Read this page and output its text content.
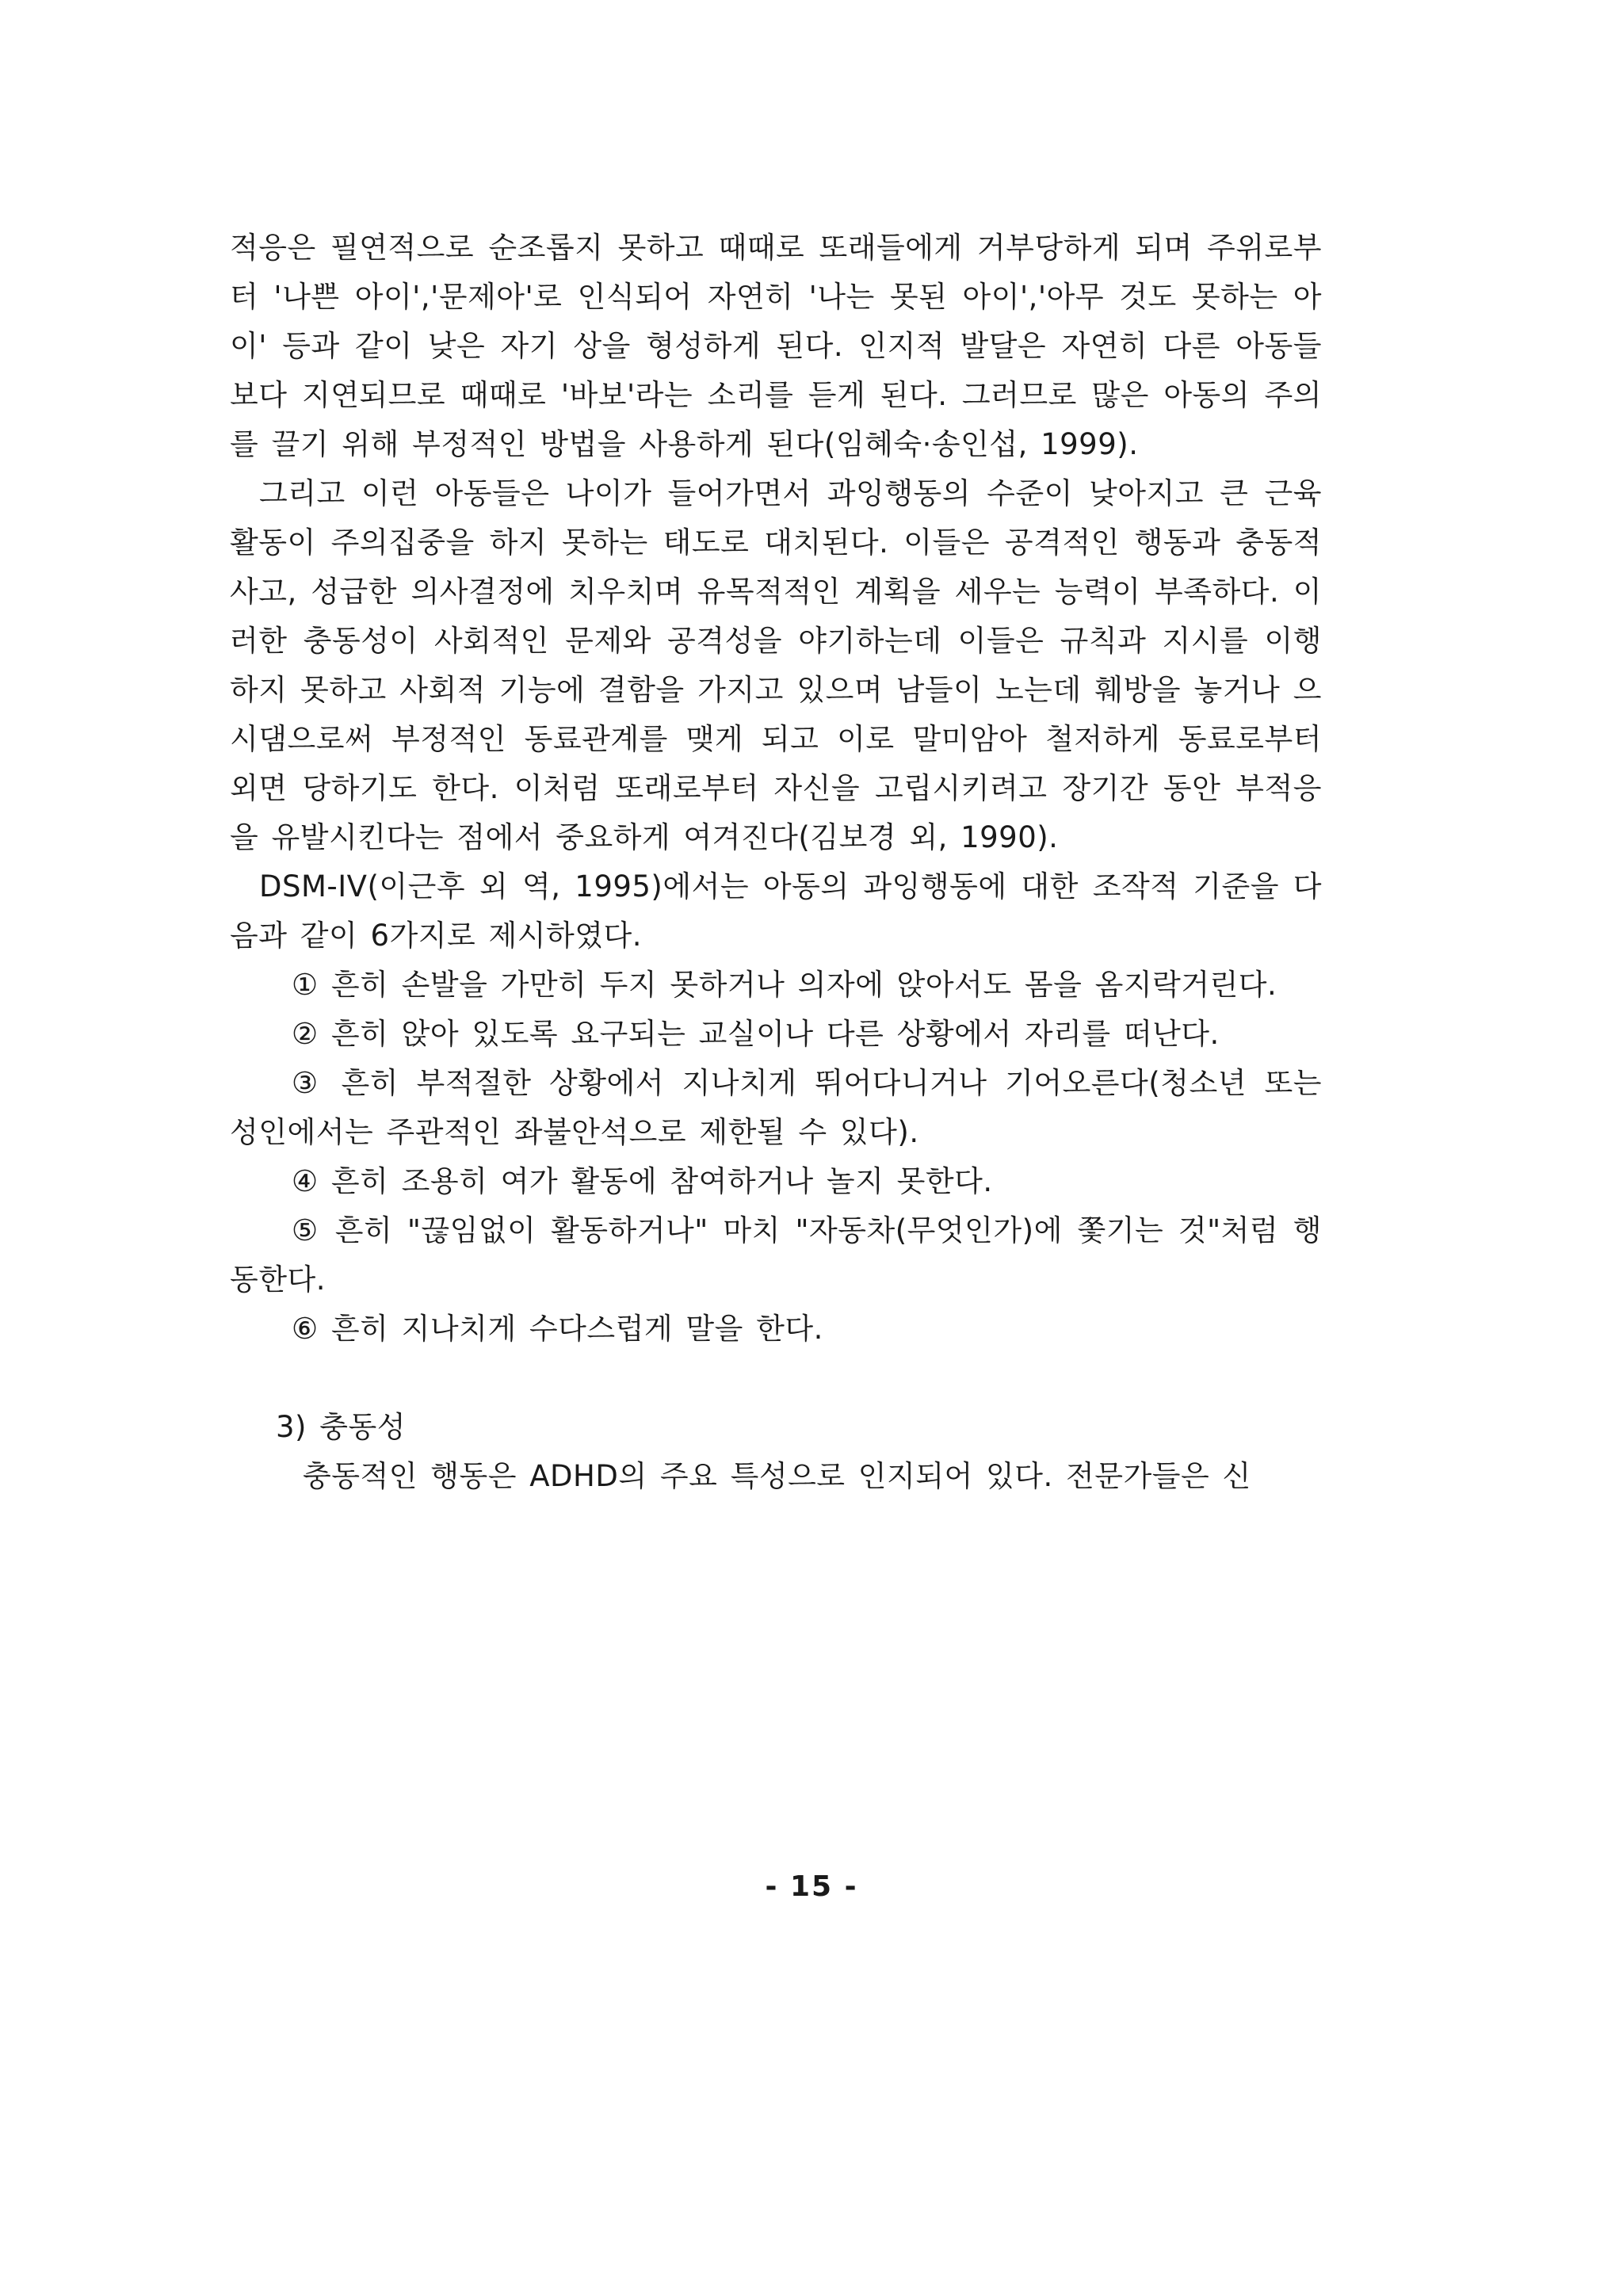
적응은 필연적으로 순조롭지 못하고 때때로 또래들에게 거부당하게 되며 주위로부터 '나쁜 아이','문제아'로 인식되어 자연히 '나는 못된 아이','아무 것도 못하는 아이' 등과 같이 낮은 자기 상을 형성하게 된다. 인지적 발달은 자연히 다른 아동들 보다 지연되므로 때때로 '바보'라는 소리를 듣게 된다. 그러므로 많은 아동의 주의를 끌기 위해 부정적인 방법을 사용하게 된다(임혜숙·송인섭, 1999).

그리고 이런 아동들은 나이가 들어가면서 과잉행동의 수준이 낮아지고 큰 근육활동이 주의집중을 하지 못하는 태도로 대치된다. 이들은 공격적인 행동과 충동적 사고, 성급한 의사결정에 치우치며 유목적적인 계획을 세우는 능력이 부족하다. 이러한 충동성이 사회적인 문제와 공격성을 야기하는데 이들은 규칙과 지시를 이행하지 못하고 사회적 기능에 결함을 가지고 있으며 남들이 노는데 훼방을 놓거나 으시댐으로써 부정적인 동료관계를 맺게 되고 이로 말미암아 철저하게 동료로부터 외면 당하기도 한다. 이처럼 또래로부터 자신을 고립시키려고 장기간 동안 부적응을 유발시킨다는 점에서 중요하게 여겨진다(김보경 외, 1990).

DSM-IV(이근후 외 역, 1995)에서는 아동의 과잉행동에 대한 조작적 기준을 다음과 같이 6가지로 제시하였다.

① 흔히 손발을 가만히 두지 못하거나 의자에 앉아서도 몸을 옴지락거린다.

② 흔히 앉아 있도록 요구되는 교실이나 다른 상황에서 자리를 떠난다.

③ 흔히 부적절한 상황에서 지나치게 뛰어다니거나 기어오른다(청소년 또는 성인에서는 주관적인 좌불안석으로 제한될 수 있다).

④ 흔히 조용히 여가 활동에 참여하거나 놀지 못한다.

⑤ 흔히 "끊임없이 활동하거나" 마치 "자동차(무엇인가)에 쫓기는 것"처럼 행동한다.

⑥ 흔히 지나치게 수다스럽게 말을 한다.

3) 충동성

충동적인 행동은 ADHD의 주요 특성으로 인지되어 있다. 전문가들은 신

- 15 -
